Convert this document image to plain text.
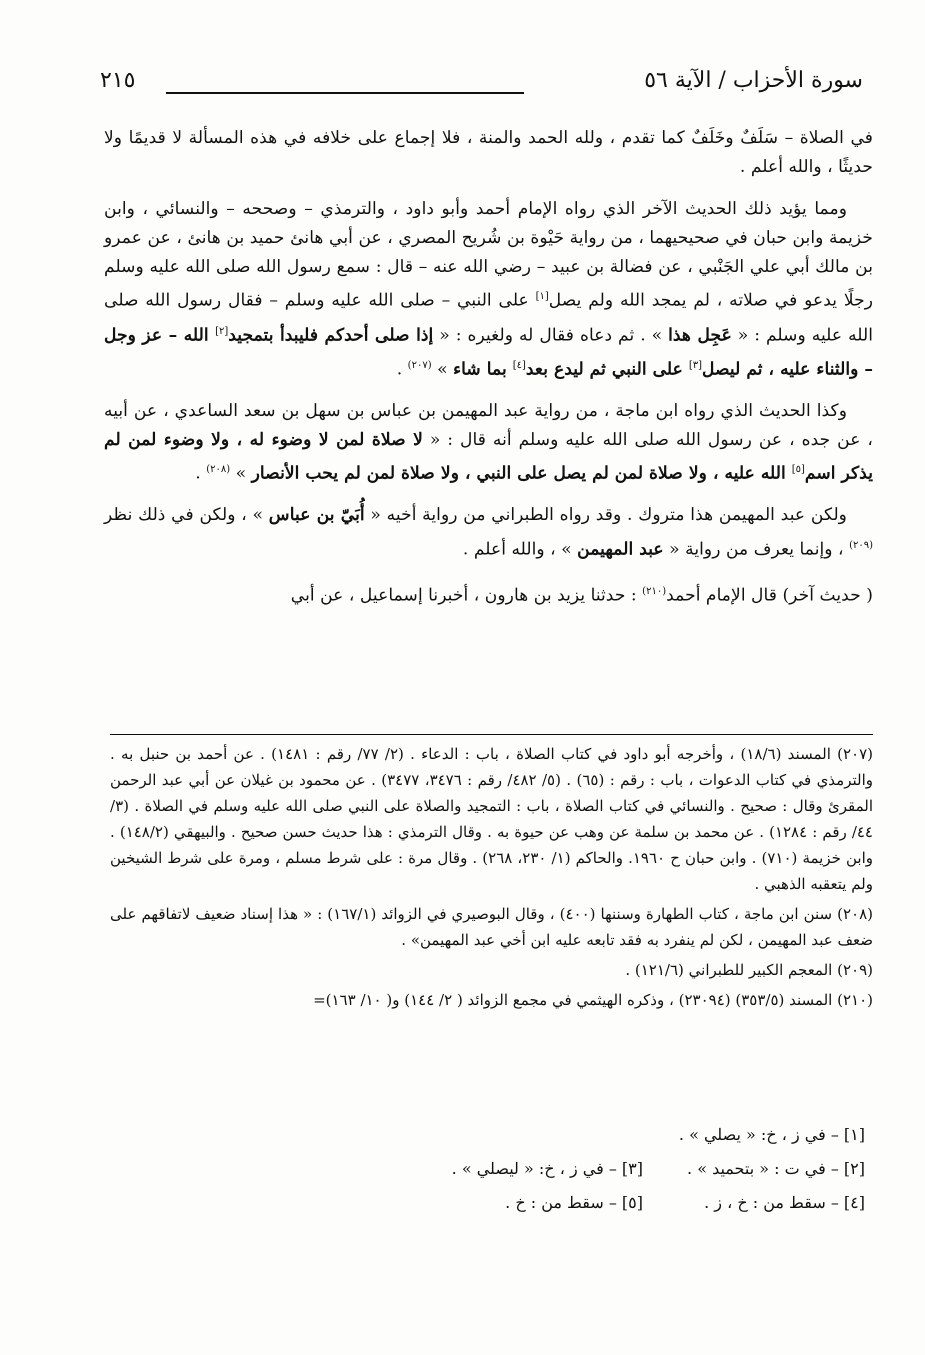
سورة الأحزاب / الآية ٥٦
٢١٥

في الصلاة – سَلَفٌ وخَلَفٌ كما تقدم ، ولله الحمد والمنة ، فلا إجماع على خلافه في هذه المسألة لا قديمًا ولا حديثًا ، والله أعلم .

ومما يؤيد ذلك الحديث الآخر الذي رواه الإمام أحمد وأبو داود ، والترمذي – وصححه – والنسائي ، وابن خزيمة وابن حبان في صحيحيهما ، من رواية حَيْوة بن شُريح المصري ، عن أبي هانئ حميد بن هانئ ، عن عمرو بن مالك أبي علي الجَنْبي ، عن فضالة بن عبيد – رضي الله عنه – قال : سمع رسول الله صلى الله عليه وسلم رجلًا يدعو في صلاته ، لم يمجد الله ولم يصل[١] على النبي – صلى الله عليه وسلم – فقال رسول الله صلى الله عليه وسلم : « عَجِل هذا » . ثم دعاه فقال له ولغيره : « إذا صلى أحدكم فليبدأ بتمجيد[٢] الله – عز وجل – والثناء عليه ، ثم ليصل[٣] على النبي ثم ليدع بعد[٤] بما شاء » $^{(٢٠٧)}$ .

وكذا الحديث الذي رواه ابن ماجة ، من رواية عبد المهيمن بن عباس بن سهل بن سعد الساعدي ، عن أبيه ، عن جده ، عن رسول الله صلى الله عليه وسلم أنه قال : « لا صلاة لمن لا وضوء له ، ولا وضوء لمن لم يذكر اسم[٥] الله عليه ، ولا صلاة لمن لم يصل على النبي ، ولا صلاة لمن لم يحب الأنصار » $^{(٢٠٨)}$ .

ولكن عبد المهيمن هذا متروك . وقد رواه الطبراني من رواية أخيه « أُبَيّ بن عباس » ، ولكن في ذلك نظر $^{(٢٠٩)}$ ، وإنما يعرف من رواية « عبد المهيمن » ، والله أعلم .

( حديث آخر) قال الإمام أحمد$^{(٢١٠)}$ : حدثنا يزيد بن هارون ، أخبرنا إسماعيل ، عن أبي

(٢٠٧) المسند (١٨/٦) ، وأخرجه أبو داود في كتاب الصلاة ، باب : الدعاء . (٢/ ٧٧/ رقم : ١٤٨١) . عن أحمد بن حنبل به . والترمذي في كتاب الدعوات ، باب : رقم : (٦٥) . (٥/ ٤٨٢/ رقم : ٣٤٧٦، ٣٤٧٧) . عن محمود بن غيلان عن أبي عبد الرحمن المقرئ وقال : صحيح . والنسائي في كتاب الصلاة ، باب : التمجيد والصلاة على النبي صلى الله عليه وسلم في الصلاة . (٣/ ٤٤/ رقم : ١٢٨٤) . عن محمد بن سلمة عن وهب عن حيوة به . وقال الترمذي : هذا حديث حسن صحيح . والبيهقي (١٤٨/٢) . وابن خزيمة (٧١٠) . وابن حبان ح ١٩٦٠. والحاكم (١/ ٢٣٠، ٢٦٨) . وقال مرة : على شرط مسلم ، ومرة على شرط الشيخين ولم يتعقبه الذهبي .

(٢٠٨) سنن ابن ماجة ، كتاب الطهارة وسننها (٤٠٠) ، وقال البوصيري في الزوائد (١٦٧/١) : « هذا إسناد ضعيف لاتفاقهم على ضعف عبد المهيمن ، لكن لم ينفرد به فقد تابعه عليه ابن أخي عبد المهيمن» .

(٢٠٩) المعجم الكبير للطبراني (١٢١/٦) .

(٢١٠) المسند (٣٥٣/٥) (٢٣٠٩٤) ، وذكره الهيثمي في مجمع الزوائد ( ٢/ ١٤٤) و( ١٠/ ١٦٣)=

[١] – في ز ، خ: « يصلي » .
[٢] – في ت : « بتحميد » .
[٣] – في ز ، خ: « ليصلي » .
[٤] – سقط من : خ ، ز .
[٥] – سقط من : خ .
